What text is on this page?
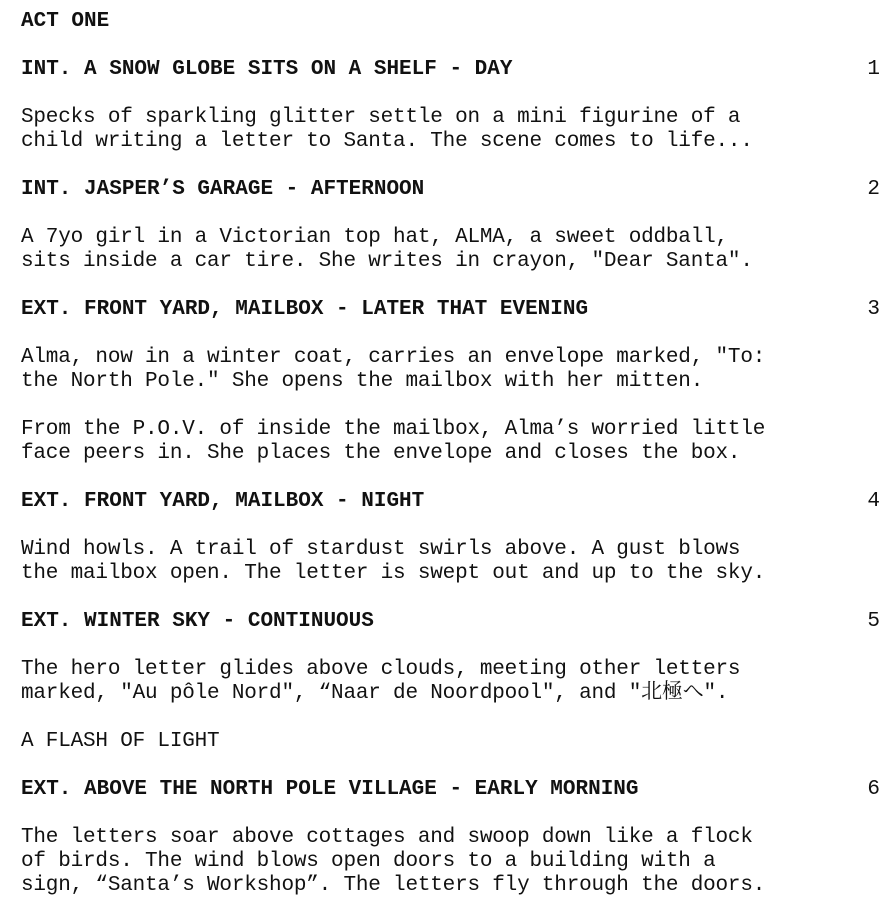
ACT ONE
INT. A SNOW GLOBE SITS ON A SHELF - DAY	1
Specks of sparkling glitter settle on a mini figurine of a
child writing a letter to Santa. The scene comes to life...
INT. JASPER’S GARAGE - AFTERNOON	2
A 7yo girl in a Victorian top hat, ALMA, a sweet oddball,
sits inside a car tire. She writes in crayon, "Dear Santa".
EXT. FRONT YARD, MAILBOX - LATER THAT EVENING	3
Alma, now in a winter coat, carries an envelope marked, "To:
the North Pole." She opens the mailbox with her mitten.
From the P.O.V. of inside the mailbox, Alma’s worried little
face peers in. She places the envelope and closes the box.
EXT. FRONT YARD, MAILBOX - NIGHT	4
Wind howls. A trail of stardust swirls above. A gust blows
the mailbox open. The letter is swept out and up to the sky.
EXT. WINTER SKY - CONTINUOUS	5
The hero letter glides above clouds, meeting other letters
marked, "Au pôle Nord", “Naar de Noordpool", and "北極へ".
A FLASH OF LIGHT
EXT. ABOVE THE NORTH POLE VILLAGE - EARLY MORNING	6
The letters soar above cottages and swoop down like a flock
of birds. The wind blows open doors to a building with a
sign, “Santa’s Workshop”. The letters fly through the doors.
